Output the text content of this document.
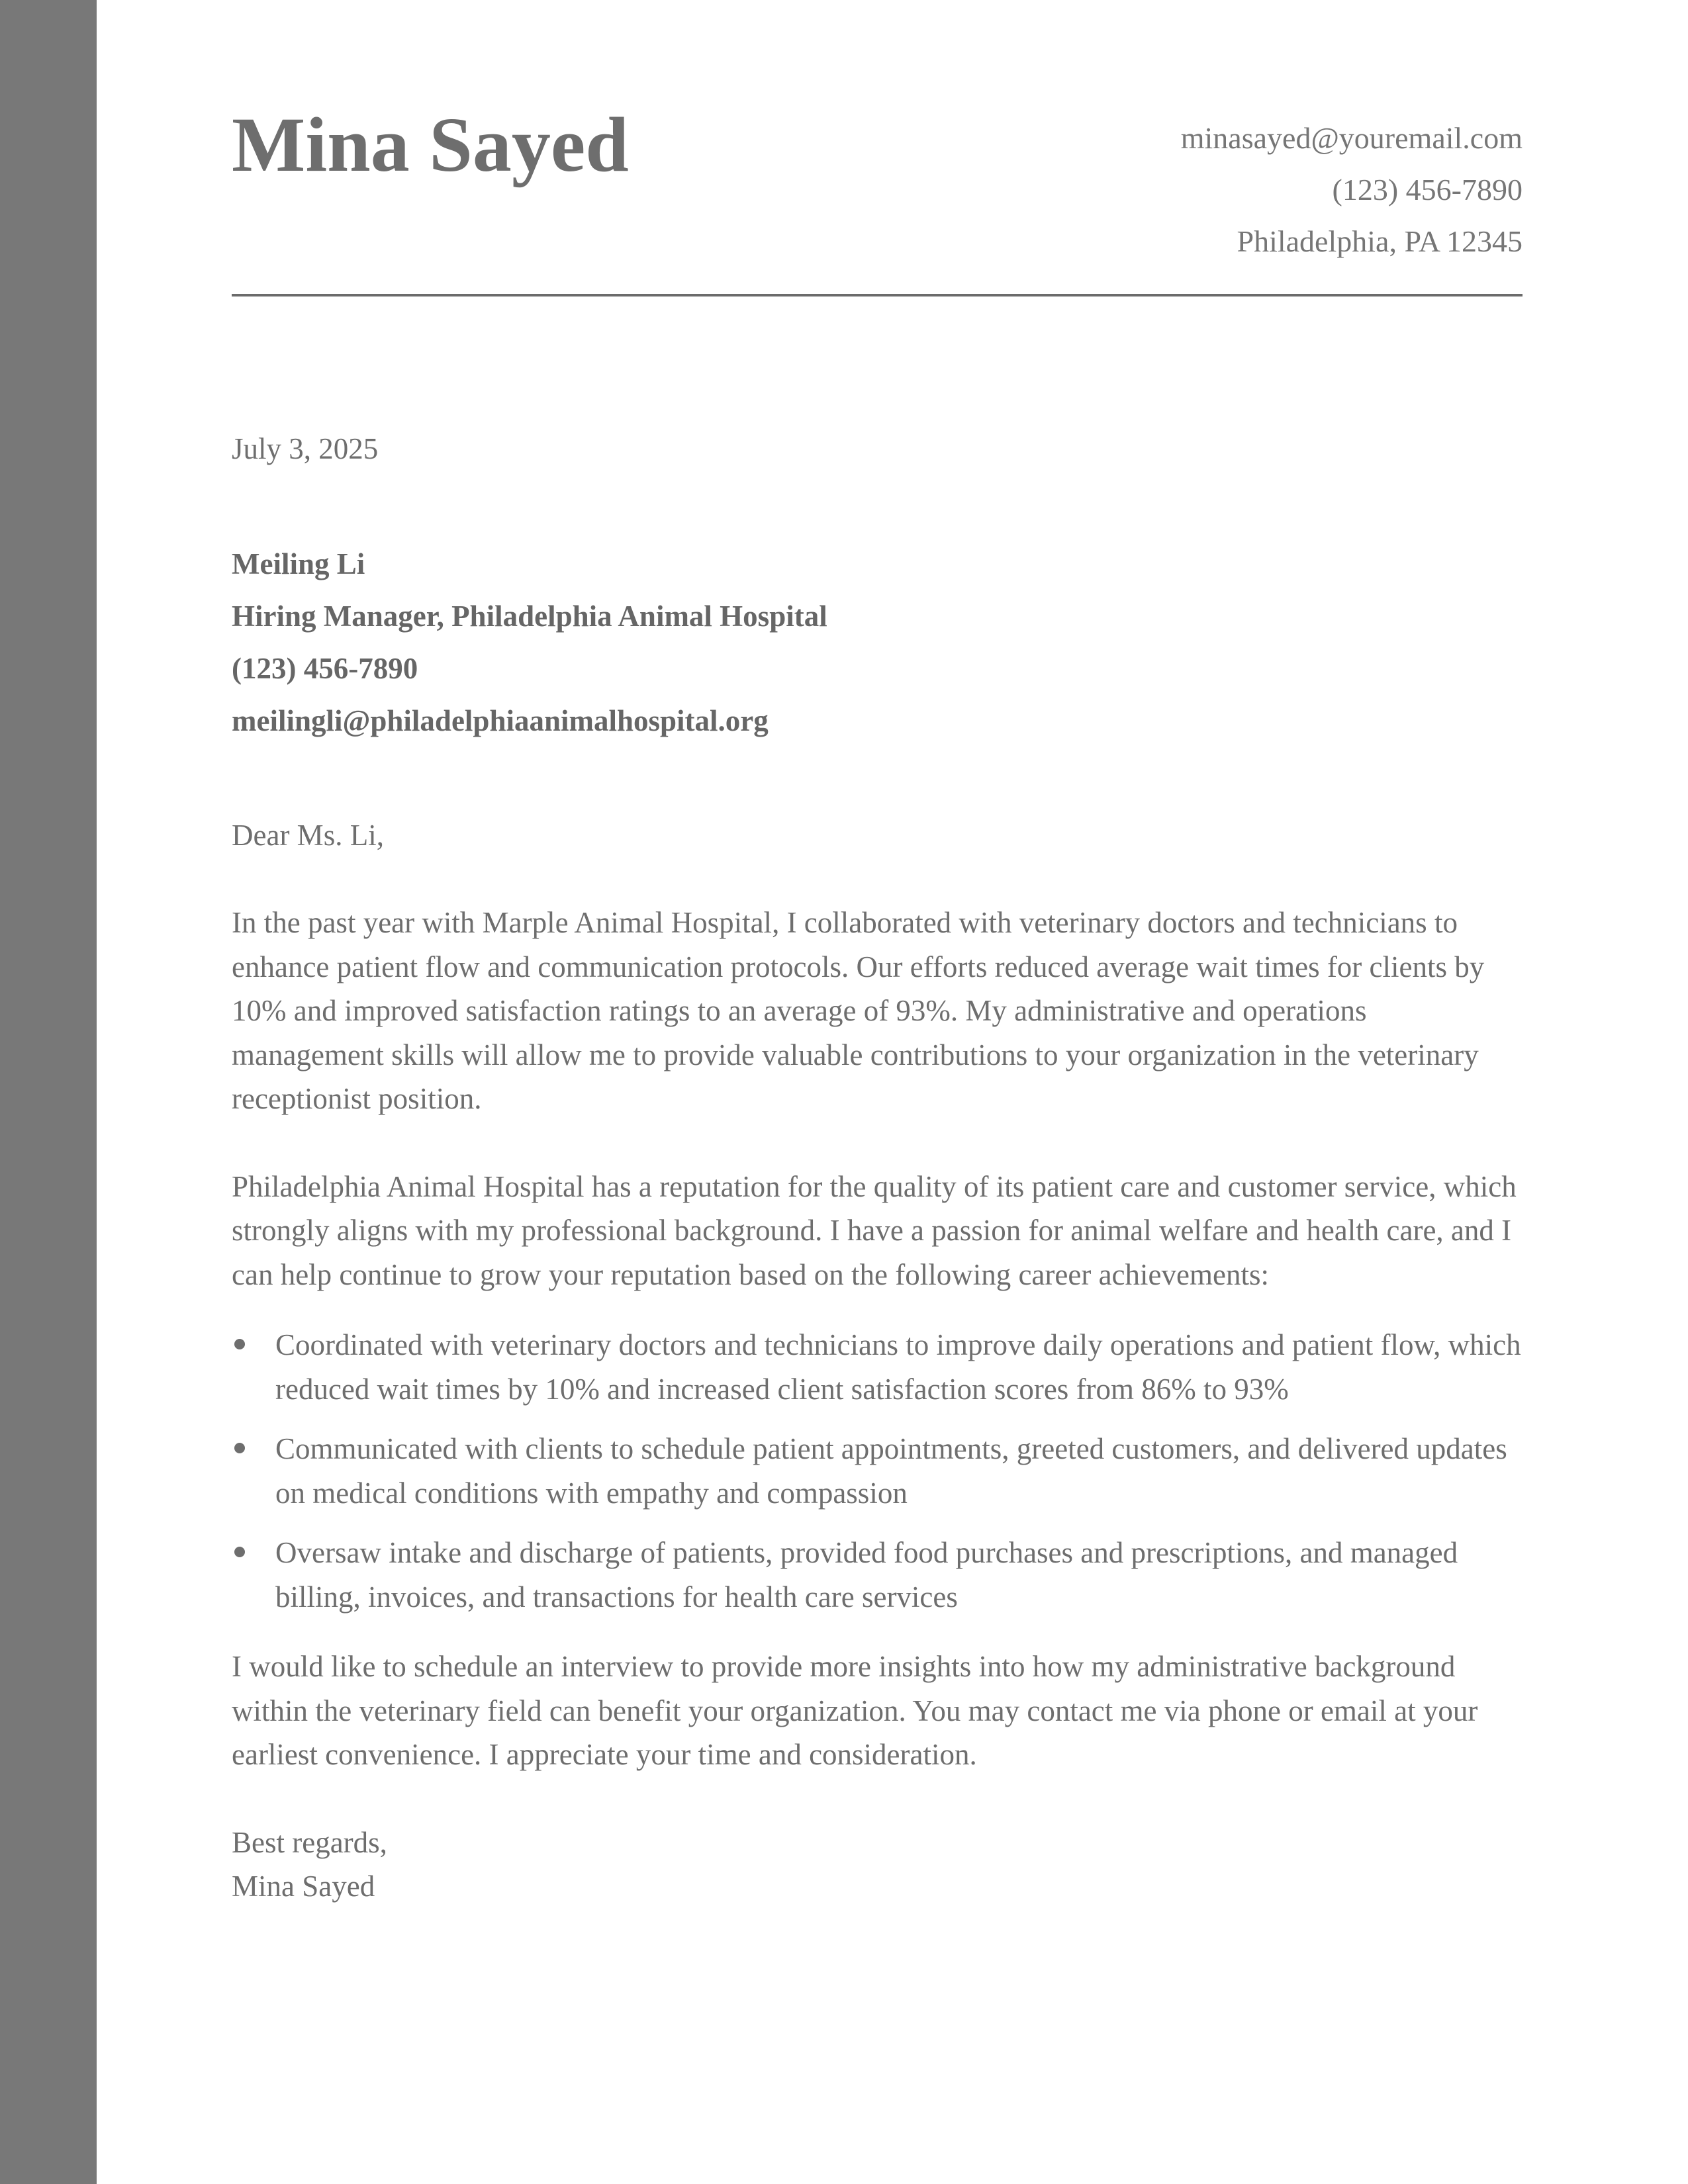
Mina Sayed	minasayed@youremail.com
(123) 456-7890
Philadelphia, PA 12345
July 3, 2025
Meiling Li
Hiring Manager, Philadelphia Animal Hospital
(123) 456-7890
meilingli@philadelphiaanimalhospital.org
Dear Ms. Li,

In the past year with Marple Animal Hospital, I collaborated with veterinary doctors and technicians to enhance patient flow and communication protocols. Our efforts reduced average wait times for clients by 10% and improved satisfaction ratings to an average of 93%. My administrative and operations management skills will allow me to provide valuable contributions to your organization in the veterinary receptionist position.

Philadelphia Animal Hospital has a reputation for the quality of its patient care and customer service, which strongly aligns with my professional background. I have a passion for animal welfare and health care, and I can help continue to grow your reputation based on the following career achievements:

Coordinated with veterinary doctors and technicians to improve daily operations and patient flow, which reduced wait times by 10% and increased client satisfaction scores from 86% to 93%
Communicated with clients to schedule patient appointments, greeted customers, and delivered updates on medical conditions with empathy and compassion
Oversaw intake and discharge of patients, provided food purchases and prescriptions, and managed billing, invoices, and transactions for health care services

I would like to schedule an interview to provide more insights into how my administrative background within the veterinary field can benefit your organization. You may contact me via phone or email at your earliest convenience. I appreciate your time and consideration.

Best regards,
Mina Sayed
